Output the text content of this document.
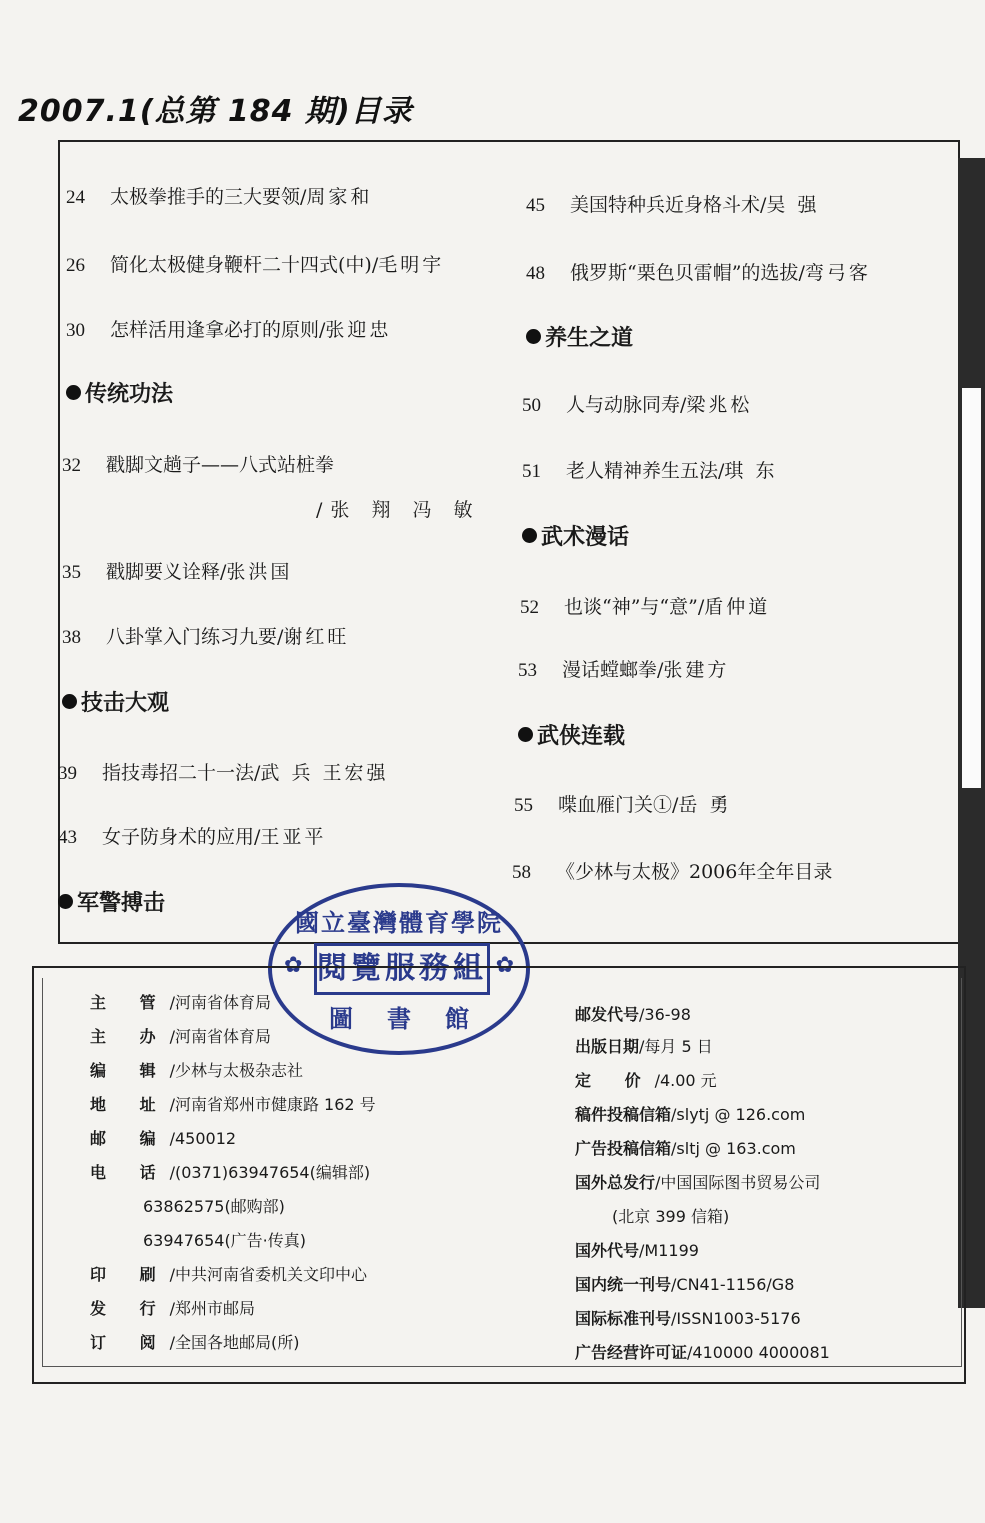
2007.1(总第 184 期)目录
24 太极拳推手的三大要领/周家和
26 简化太极健身鞭杆二十四式(中)/毛明宇
30 怎样活用逢拿必打的原则/张迎忠
传统功法
32 戳脚文趟子——八式站桩拳
/张 翔 冯 敏
35 戳脚要义诠释/张洪国
38 八卦掌入门练习九要/谢红旺
技击大观
39 指技毒招二十一法/武 兵 王宏强
43 女子防身术的应用/王亚平
军警搏击
45 美国特种兵近身格斗术/吴 强
48 俄罗斯“栗色贝雷帽”的选拔/弯弓客
养生之道
50 人与动脉同寿/梁兆松
51 老人精神养生五法/琪 东
武术漫话
52 也谈“神”与“意”/盾仲道
53 漫话螳螂拳/张建方
武侠连载
55 喋血雁门关①/岳 勇
58 《少林与太极》2006年全年目录
國立臺灣體育學院
✿ 閱覽服務組 ✿
圖 書 館
主 管/河南省体育局
主 办/河南省体育局
编 辑/少林与太极杂志社
地 址/河南省郑州市健康路 162 号
邮 编/450012
电 话/(0371)63947654(编辑部)
63862575(邮购部)
63947654(广告·传真)
印 刷/中共河南省委机关文印中心
发 行/郑州市邮局
订 阅/全国各地邮局(所)
邮发代号/36-98
出版日期/每月 5 日
定 价/4.00 元
稿件投稿信箱/slytj @ 126.com
广告投稿信箱/sltj @ 163.com
国外总发行/中国国际图书贸易公司
(北京 399 信箱)
国外代号/M1199
国内统一刊号/CN41-1156/G8
国际标准刊号/ISSN1003-5176
广告经营许可证/410000 4000081
